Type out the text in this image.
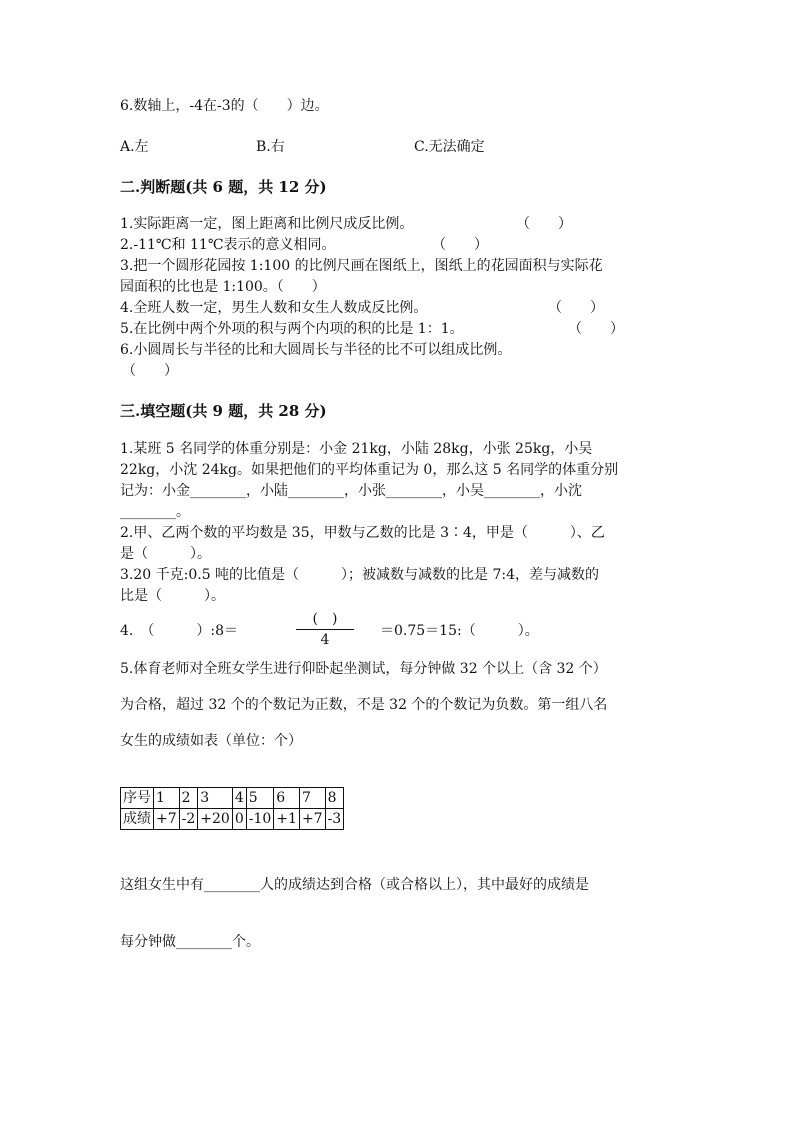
6.数轴上，-4在-3的（　　）边。
A.左	B.右	C.无法确定
二.判断题(共 6 题，共 12 分)
1.实际距离一定，图上距离和比例尺成反比例。	（　　）
2.-11℃和 11℃表示的意义相同。	（　　）
3.把一个圆形花园按 1:100 的比例尺画在图纸上，图纸上的花园面积与实际花
园面积的比也是 1:100。（　　）
4.全班人数一定，男生人数和女生人数成反比例。	（　　）
5.在比例中两个外项的积与两个内项的积的比是 1：1。	（　　）
6.小圆周长与半径的比和大圆周长与半径的比不可以组成比例。
（　　）
三.填空题(共 9 题，共 28 分)
1.某班 5 名同学的体重分别是：小金 21kg，小陆 28kg，小张 25kg，小吴
22kg，小沈 24kg。如果把他们的平均体重记为 0，那么这 5 名同学的体重分别
记为：小金________，小陆________，小张________，小吴________，小沈
________。
2.甲、乙两个数的平均数是 35，甲数与乙数的比是 3∶4，甲是（　　　）、乙
是（　　　）。
3.20 千克:0.5 吨的比值是（　　　）；被减数与减数的比是 7:4，差与减数的
比是（　　　）。
4.　（　　　）:8＝
(　)
4
＝0.75＝15:（　　　）。
5.体育老师对全班女学生进行仰卧起坐测试，每分钟做 32 个以上（含 32 个）
为合格，超过 32 个的个数记为正数，不是 32 个的个数记为负数。第一组八名
女生的成绩如表（单位：个）
序号	1	2	3	4	5	6	7	8
成绩	+7	-2	+20	0	-10	+1	+7	-3
这组女生中有________人的成绩达到合格（或合格以上），其中最好的成绩是
每分钟做________个。
